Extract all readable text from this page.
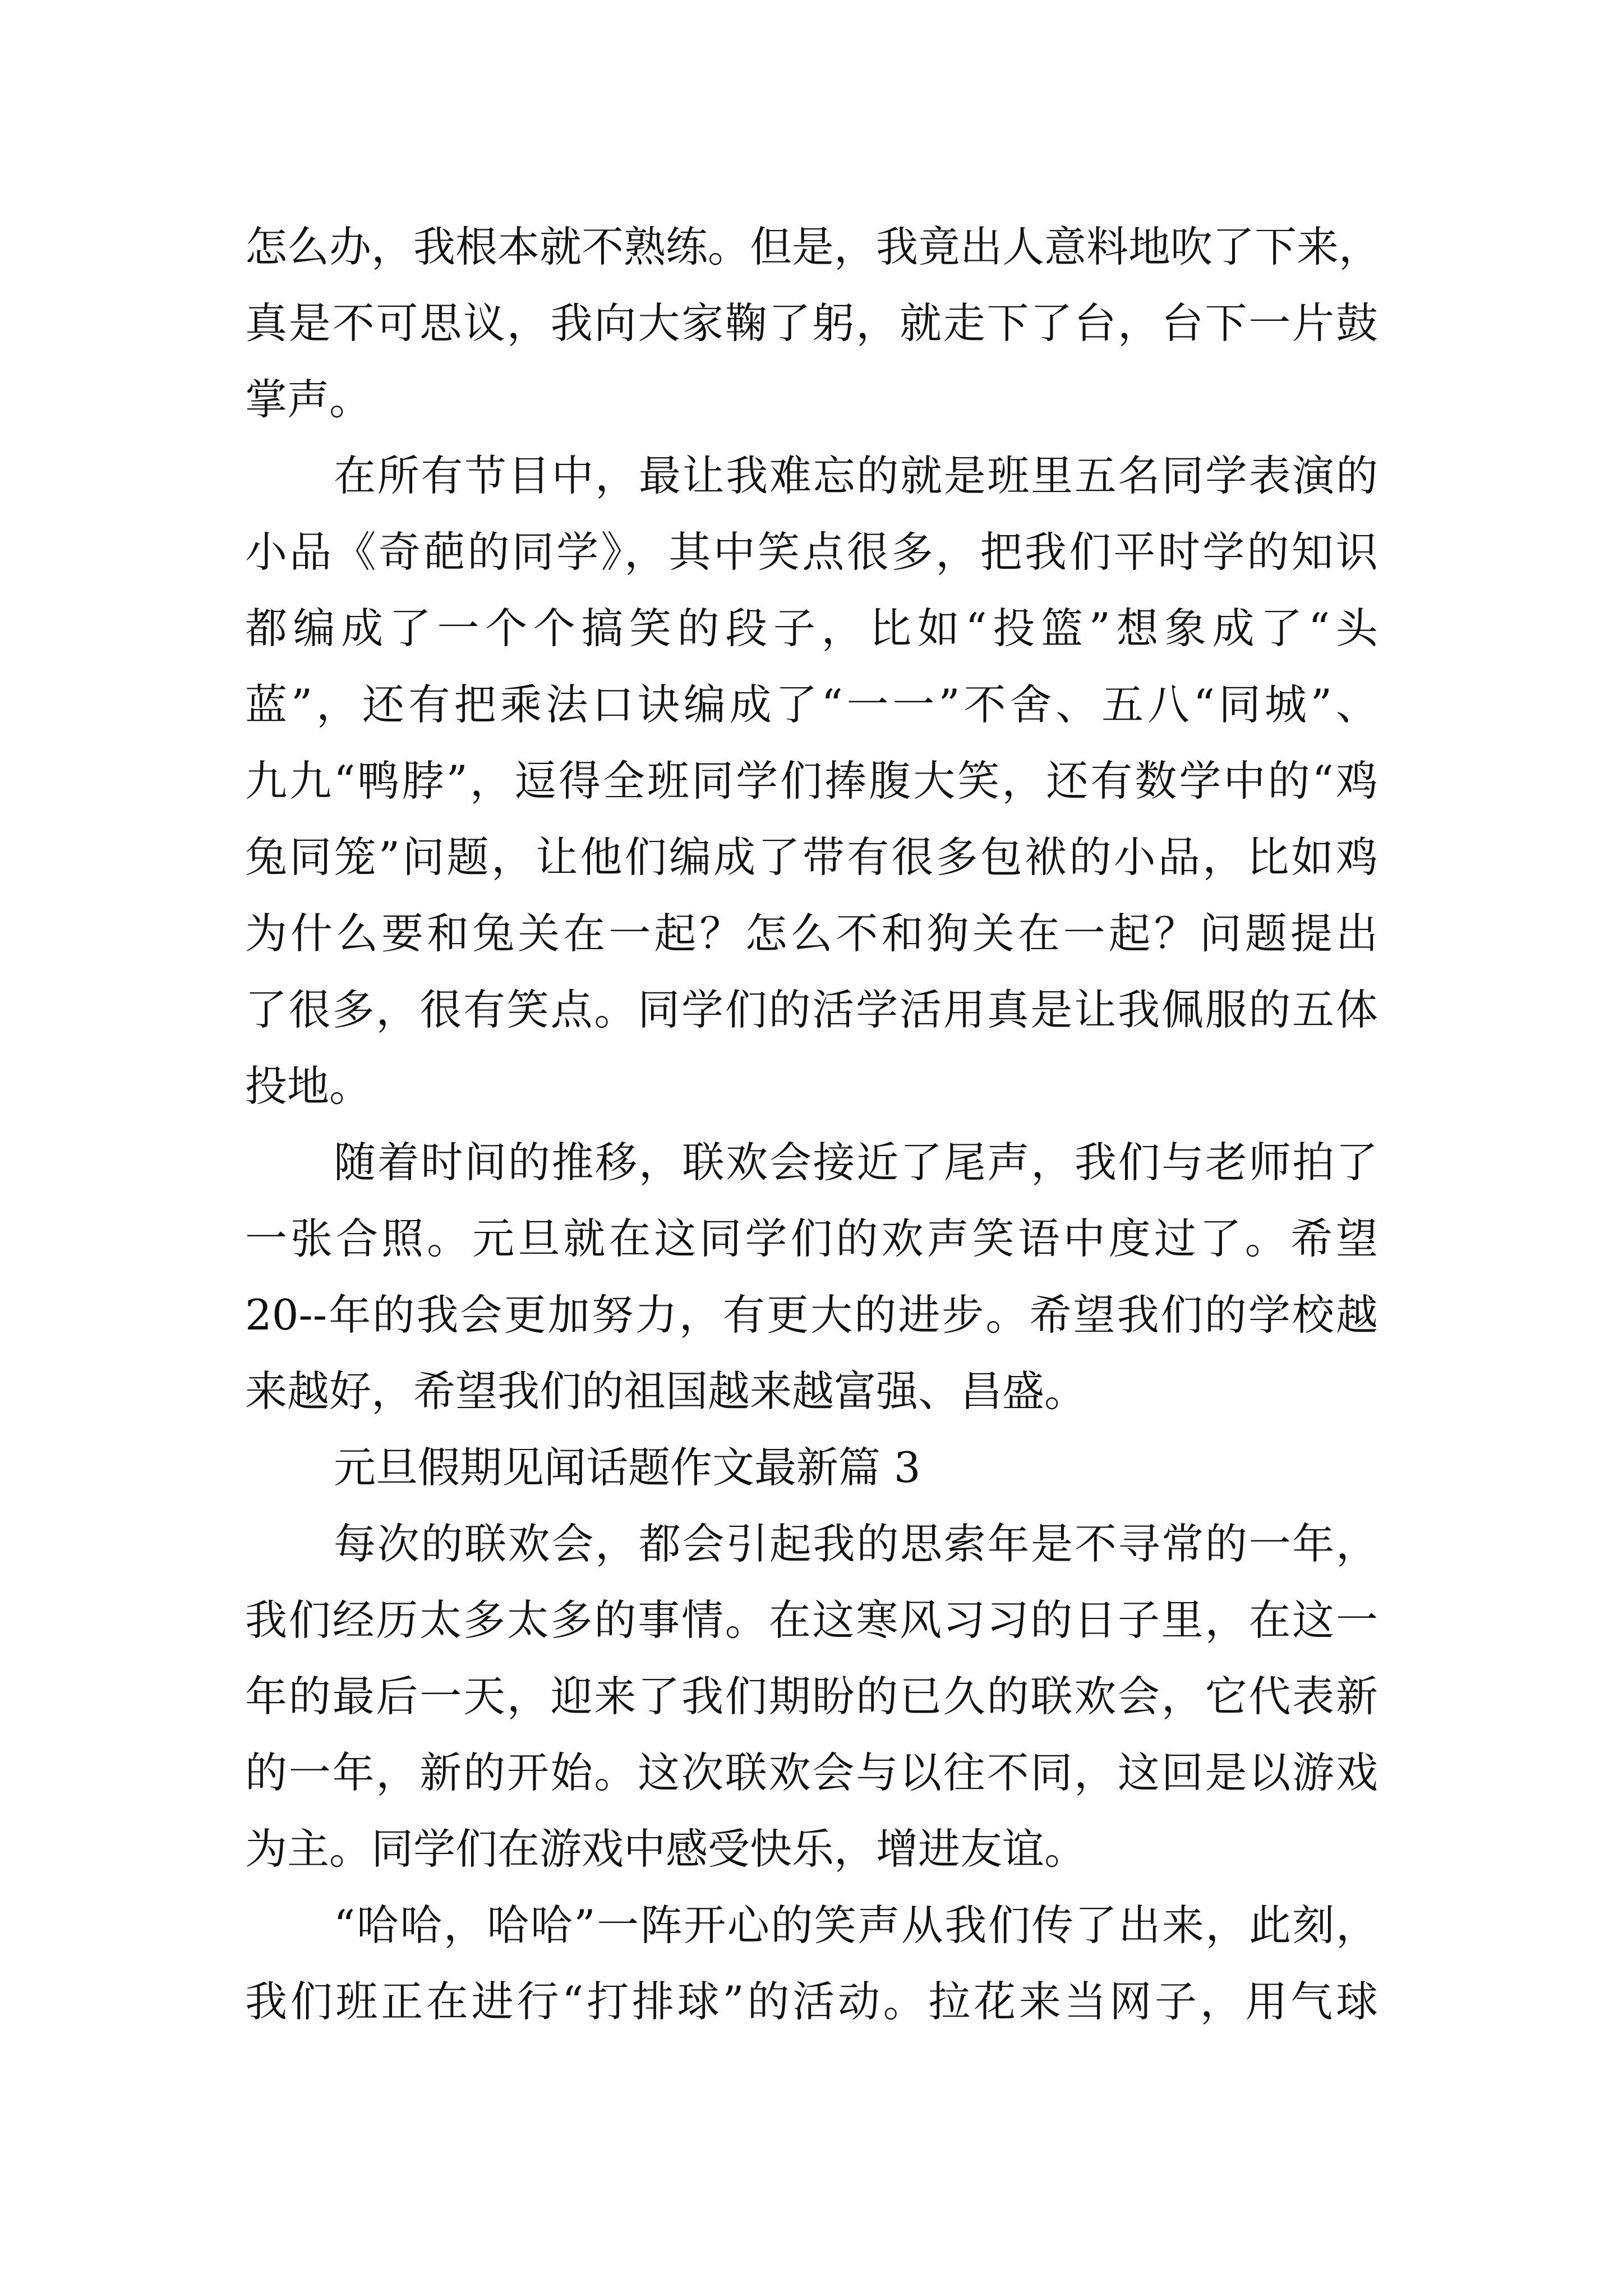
怎么办，我根本就不熟练。但是，我竟出人意料地吹了下来，
真是不可思议，我向大家鞠了躬，就走下了台，台下一片鼓
掌声。
在所有节目中，最让我难忘的就是班里五名同学表演的
小品《奇葩的同学》，其中笑点很多，把我们平时学的知识
都编成了一个个搞笑的段子，比如“投篮”想象成了“头
蓝”，还有把乘法口诀编成了“一一”不舍、五八“同城”、
九九“鸭脖”，逗得全班同学们捧腹大笑，还有数学中的“鸡
兔同笼”问题，让他们编成了带有很多包袱的小品，比如鸡
为什么要和兔关在一起？怎么不和狗关在一起？问题提出
了很多，很有笑点。同学们的活学活用真是让我佩服的五体
投地。
随着时间的推移，联欢会接近了尾声，我们与老师拍了
一张合照。元旦就在这同学们的欢声笑语中度过了。希望
20--年的我会更加努力，有更大的进步。希望我们的学校越
来越好，希望我们的祖国越来越富强、昌盛。
元旦假期见闻话题作文最新篇 3
每次的联欢会，都会引起我的思索年是不寻常的一年，
我们经历太多太多的事情。在这寒风习习的日子里，在这一
年的最后一天，迎来了我们期盼的已久的联欢会，它代表新
的一年，新的开始。这次联欢会与以往不同，这回是以游戏
为主。同学们在游戏中感受快乐，增进友谊。
“哈哈，哈哈”一阵开心的笑声从我们传了出来，此刻，
我们班正在进行“打排球”的活动。拉花来当网子，用气球
